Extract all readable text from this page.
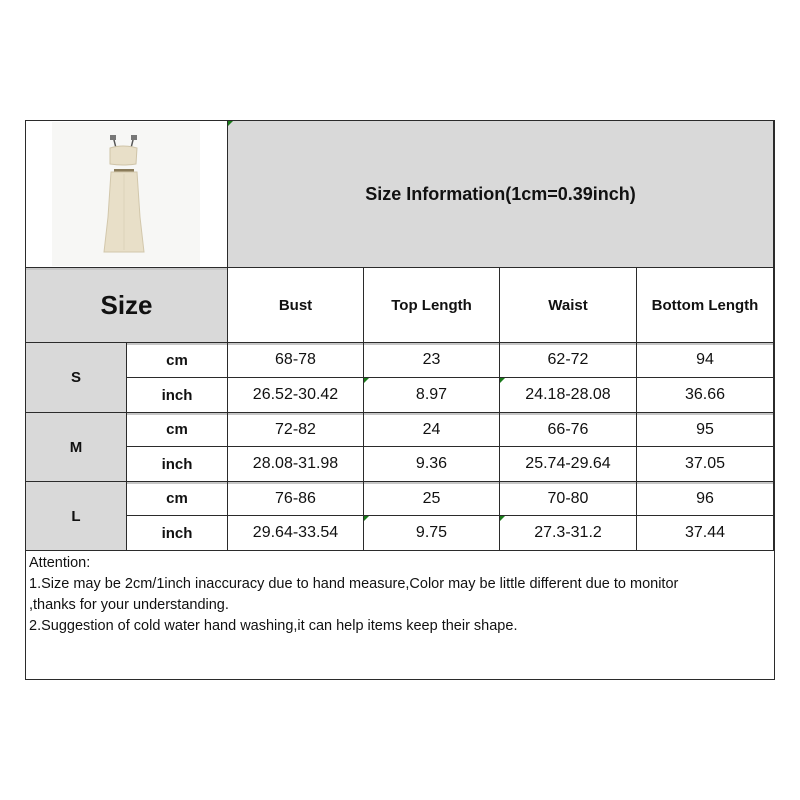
Size Information(1cm=0.39inch)
Size	Bust	Top Length	Waist	Bottom Length
S
cm	68-78	23	62-72	94
inch	26.52-30.42	8.97	24.18-28.08	36.66
M
cm	72-82	24	66-76	95
inch	28.08-31.98	9.36	25.74-29.64	37.05
L
cm	76-86	25	70-80	96
inch	29.64-33.54	9.75	27.3-31.2	37.44
Attention:
1.Size may be 2cm/1inch inaccuracy due to hand measure,Color may be little different due to monitor
,thanks for your understanding.
2.Suggestion of cold water hand washing,it can help items keep their shape.
